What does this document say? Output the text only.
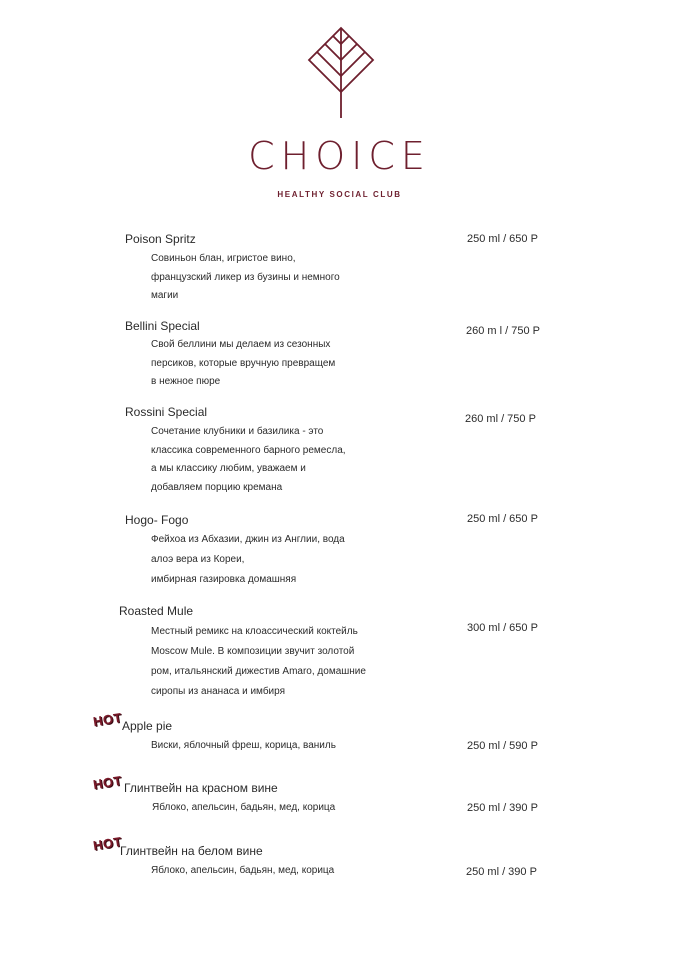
CHOICE
HEALTHY SOCIAL CLUB
Poison Spritz
Совиньон блан, игристое вино,
французский ликер из бузины и немного
магии
250 ml / 650 P
Bellini Special
Свой беллини мы делаем из сезонных
персиков, которые вручную превращем
в нежное пюре
260 m l / 750 P
Rossini Special
Сочетание клубники и базилика - это
классика современного барного ремесла,
а мы классику любим, уважаем и
добавляем порцию кремана
260 ml / 750 P
Hogo- Fogo
Фейхоа из Абхазии, джин из Англии, вода
алоэ вера из Кореи,
имбирная газировка домашняя
250 ml / 650 P
Roasted Mule
Местный ремикс на клоассический коктейль
Moscow Mule. В композиции звучит золотой
ром, итальянский дижестив Amaro, домашние
сиропы из ананаса и имбиря
300 ml / 650 P
HOT Apple pie
Виски, яблочный фреш, корица, ваниль	250 ml / 590 P
HOT Глинтвейн на красном вине
Яблоко, апельсин, бадьян, мед, корица	250 ml / 390 P
HOT
Глинтвейн на белом вине
Яблоко, апельсин, бадьян, мед, корица	250 ml / 390 P
